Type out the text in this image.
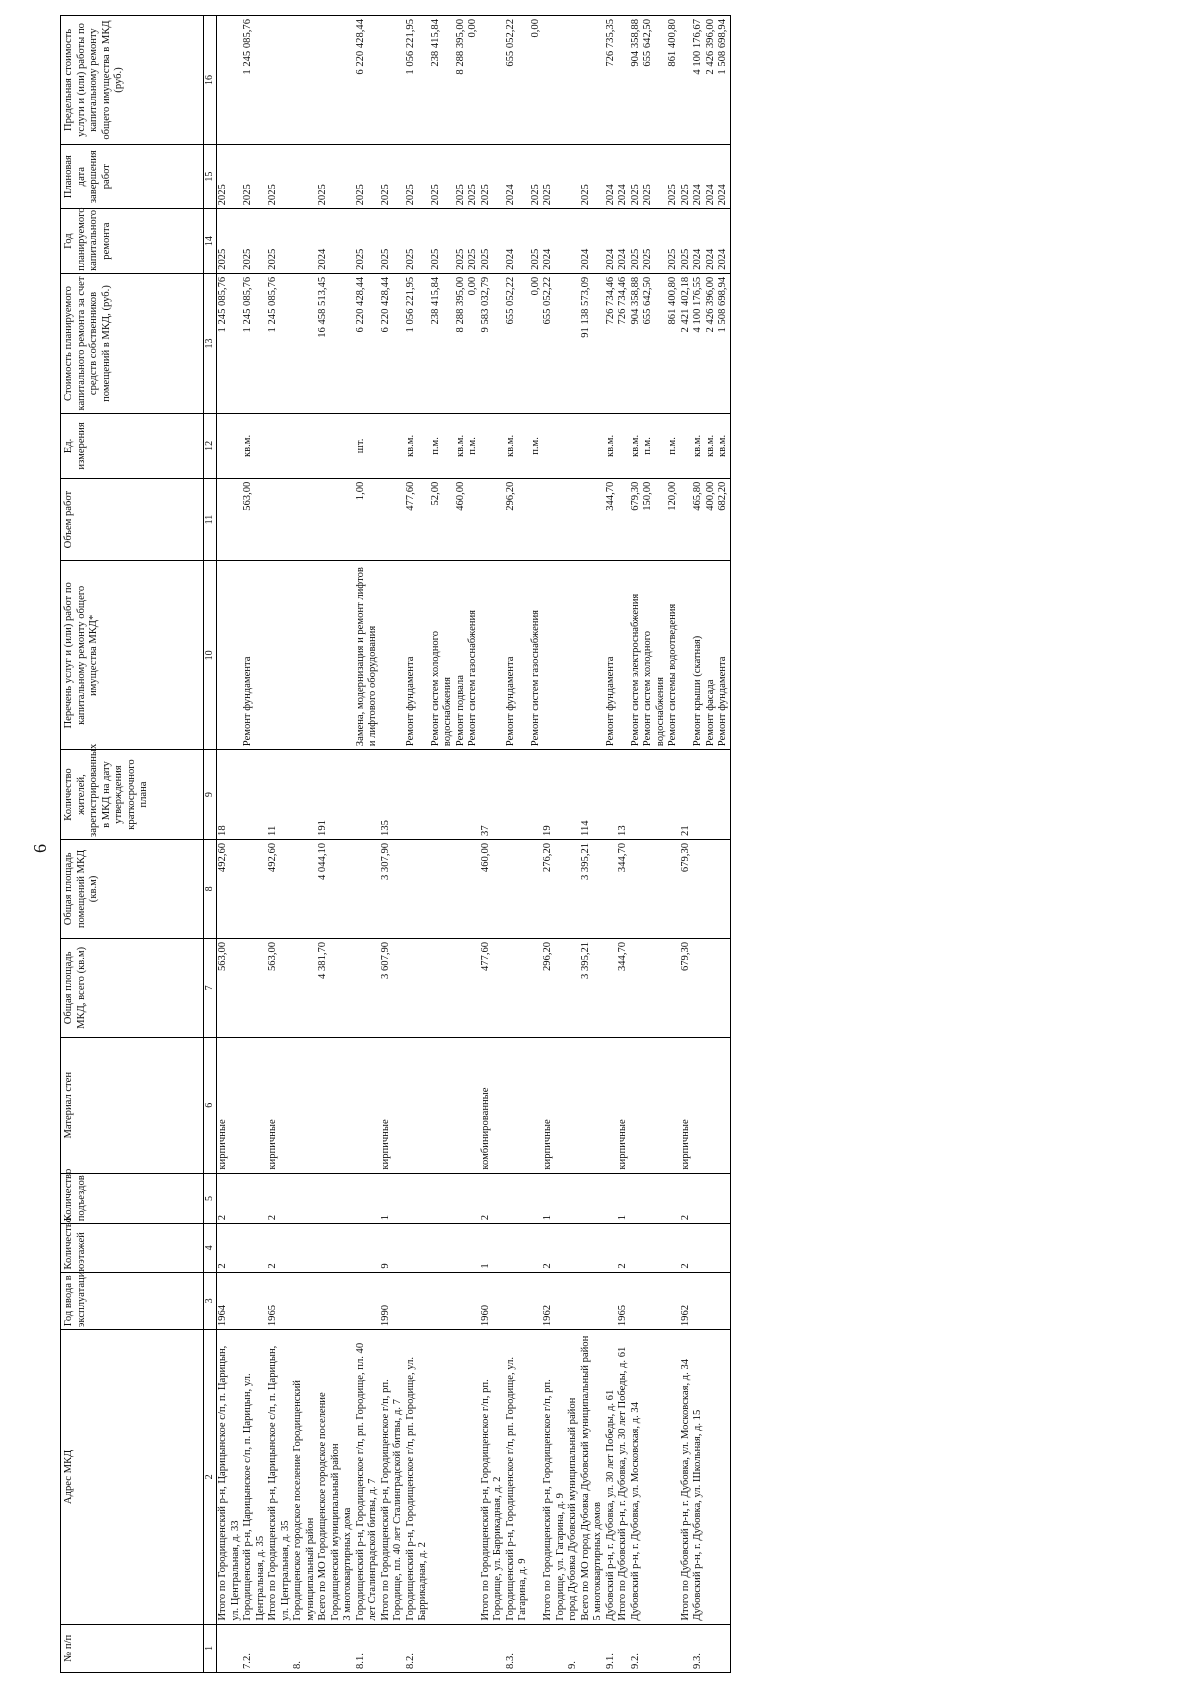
6
№ п/п	Адрес МКД	Год ввода в эксплуатацию	Количество этажей	Количество подъездов	Материал стен	Общая площадь МКД, всего (кв.м)	Общая площадь помещений МКД (кв.м)	Количество жителей, зарегистрированных в МКД на дату утверждения краткосрочного плана	Перечень услуг и (или) работ по капитальному ремонту общего имущества МКД*	Объем работ	Ед. измерения	Стоимость планируемого капитального ремонта за счет средств собственников помещений в МКД, (руб.)	Год планируемого капитального ремонта	Плановая дата завершения работ	Предельная стоимость услуги и (или) работы по капитальному ремонту общего имущества в МКД (руб.)
1	2	3	4	5	6	7	8	9	10	11	12	13	14	15	16
	Итого по Городищенский р-н, Царицынское с/п, п. Царицын, ул. Центральная, д. 33	1964	2	2	кирпичные	563,00	492,60	18				1 245 085,76	2025	2025	
7.2.	Городищенский р-н, Царицынское с/п, п. Царицын, ул. Центральная, д. 35								Ремонт фундамента	563,00	кв.м.	1 245 085,76	2025	2025	1 245 085,76
	Итого по Городищенский р-н, Царицынское с/п, п. Царицын, ул. Центральная, д. 35	1965	2	2	кирпичные	563,00	492,60	11				1 245 085,76	2025	2025	
8.	Городищенское городское поселение Городищенский муниципальный район														
	Всего по МО Городищенское городское поселение Городищенский муниципальный район					4 381,70	4 044,10	191				16 458 513,45	2024	2025	
	3 многоквартирных дома														
8.1.	Городищенский р-н, Городищенское г/п, рп. Городище, пл. 40 лет Сталинградской битвы, д. 7								Замена, модернизация и ремонт лифтов и лифтового оборудования	1,00	шт.	6 220 428,44	2025	2025	6 220 428,44
	Итого по Городищенский р-н, Городищенское г/п, рп. Городище, пл. 40 лет Сталинградской битвы, д. 7	1990	9	1	кирпичные	3 607,90	3 307,90	135				6 220 428,44	2025	2025	
8.2.	Городищенский р-н, Городищенское г/п, рп. Городище, ул. Баррикадная, д. 2								Ремонт фундамента	477,60	кв.м.	1 056 221,95	2025	2025	1 056 221,95
									Ремонт систем холодного водоснабжения	52,00	п.м.	238 415,84	2025	2025	238 415,84
									Ремонт подвала	460,00	кв.м.	8 288 395,00	2025	2025	8 288 395,00
									Ремонт систем газоснабжения		п.м.	0,00	2025	2025	0,00
	Итого по Городищенский р-н, Городищенское г/п, рп. Городище, ул. Баррикадная, д. 2	1960	1	2	комбинированные	477,60	460,00	37				9 583 032,79	2025	2025	
8.3.	Городищенский р-н, Городищенское г/п, рп. Городище, ул. Гагарина, д. 9								Ремонт фундамента	296,20	кв.м.	655 052,22	2024	2024	655 052,22
									Ремонт систем газоснабжения		п.м.	0,00	2025	2025	0,00
	Итого по Городищенский р-н, Городищенское г/п, рп. Городище, ул. Гагарина, д. 9	1962	2	1	кирпичные	296,20	276,20	19				655 052,22	2024	2025	
9.	город Дубовка Дубовский муниципальный район														
	Всего по МО город Дубовка Дубовский муниципальный район					3 395,21	3 395,21	114				91 138 573,09	2024	2025	
	5 многоквартирных домов														
9.1.	Дубовский р-н, г. Дубовка, ул. 30 лет Победы, д. 61								Ремонт фундамента	344,70	кв.м.	726 734,46	2024	2024	726 735,35
	Итого по Дубовский р-н, г. Дубовка, ул. 30 лет Победы, д. 61	1965	2	1	кирпичные	344,70	344,70	13				726 734,46	2024	2024	
9.2.	Дубовский р-н, г. Дубовка, ул. Московская, д. 34								Ремонт систем электроснабжения	679,30	кв.м.	904 358,88	2025	2025	904 358,88
									Ремонт систем холодного водоснабжения	150,00	п.м.	655 642,50	2025	2025	655 642,50
									Ремонт системы водоотведения	120,00	п.м.	861 400,80	2025	2025	861 400,80
	Итого по Дубовский р-н, г. Дубовка, ул. Московская, д. 34	1962	2	2	кирпичные	679,30	679,30	21				2 421 402,18	2025	2025	
9.3.	Дубовский р-н, г. Дубовка, ул. Школьная, д. 15								Ремонт крыши (скатная)	465,80	кв.м.	4 100 176,55	2024	2024	4 100 176,67
									Ремонт фасада	400,00	кв.м.	2 426 396,00	2024	2024	2 426 396,00
									Ремонт фундамента	682,20	кв.м.	1 508 698,94	2024	2024	1 508 698,94
